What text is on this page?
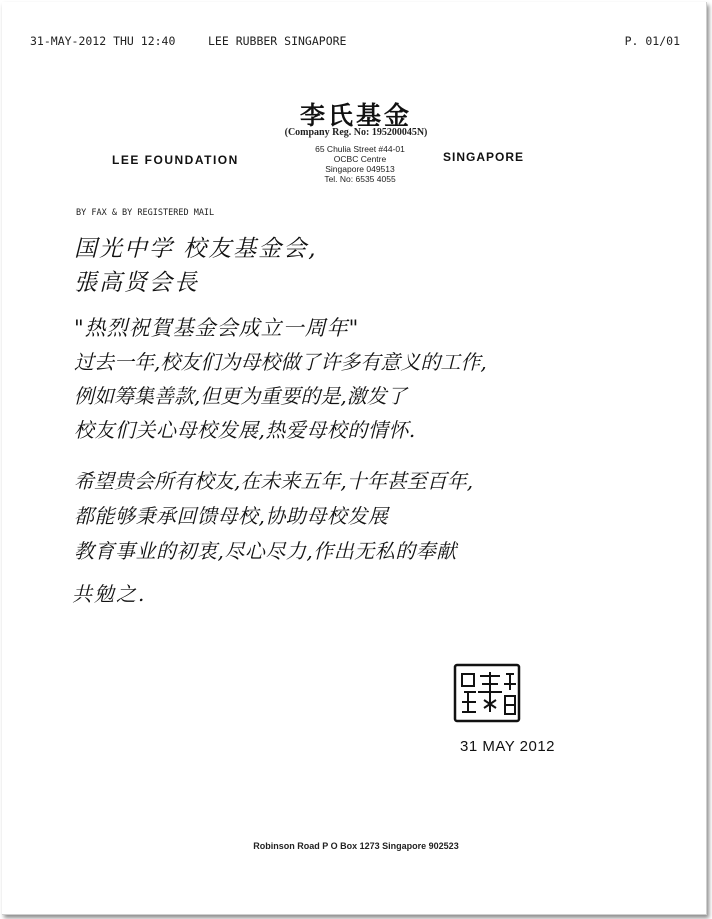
31-MAY-2012 THU 12:40	LEE RUBBER SINGAPORE	P. 01/01
李氏基金
(Company Reg. No: 195200045N)
LEE FOUNDATION
65 Chulia Street #44-01
OCBC Centre
Singapore 049513
Tel. No: 6535 4055
SINGAPORE
BY FAX & BY REGISTERED MAIL
国光中学 校友基金会,
張高贤会長
"热烈祝賀基金会成立一周年"
过去一年,校友们为母校做了许多有意义的工作,
例如筹集善款,但更为重要的是,激发了
校友们关心母校发展,热爱母校的情怀.
希望贵会所有校友,在未来五年,十年甚至百年,
都能够秉承回馈母校,协助母校发展
教育事业的初衷,尽心尽力,作出无私的奉献
共勉之.
31 MAY 2012
Robinson Road P O Box 1273 Singapore 902523
